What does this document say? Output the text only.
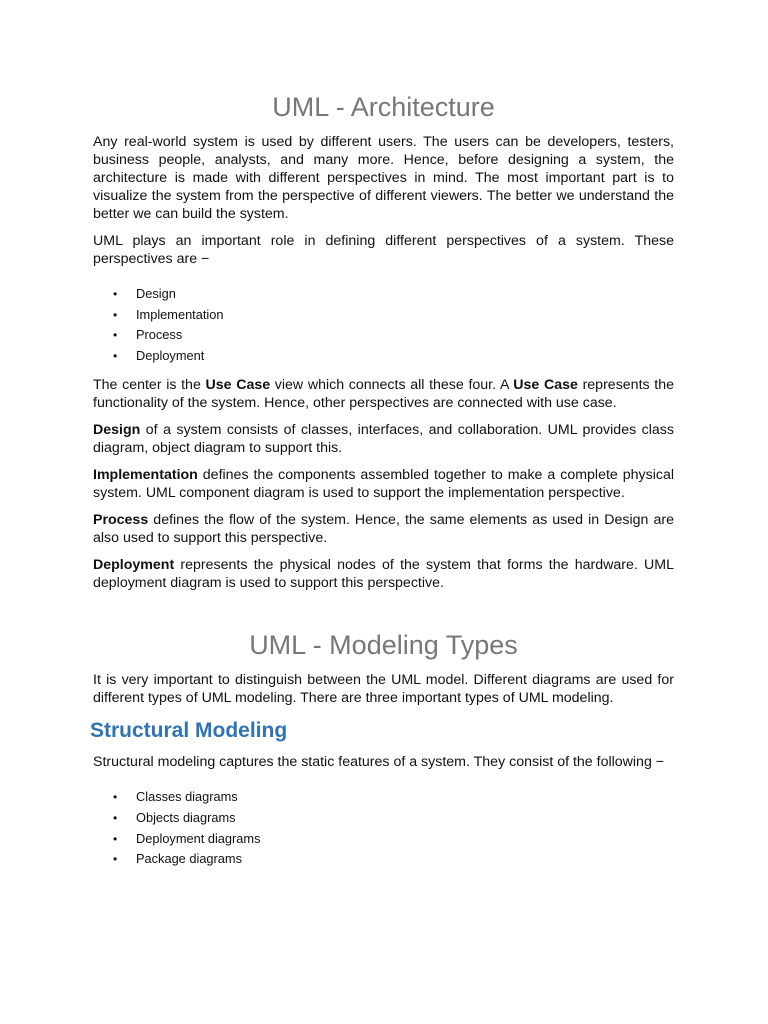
UML - Architecture

Any real-world system is used by different users. The users can be developers, testers, business people, analysts, and many more. Hence, before designing a system, the architecture is made with different perspectives in mind. The most important part is to visualize the system from the perspective of different viewers. The better we understand the better we can build the system.

UML plays an important role in defining different perspectives of a system. These perspectives are −

• Design
• Implementation
• Process
• Deployment

The center is the Use Case view which connects all these four. A Use Case represents the functionality of the system. Hence, other perspectives are connected with use case.

Design of a system consists of classes, interfaces, and collaboration. UML provides class diagram, object diagram to support this.

Implementation defines the components assembled together to make a complete physical system. UML component diagram is used to support the implementation perspective.

Process defines the flow of the system. Hence, the same elements as used in Design are also used to support this perspective.

Deployment represents the physical nodes of the system that forms the hardware. UML deployment diagram is used to support this perspective.

UML - Modeling Types

It is very important to distinguish between the UML model. Different diagrams are used for different types of UML modeling. There are three important types of UML modeling.

Structural Modeling

Structural modeling captures the static features of a system. They consist of the following −

• Classes diagrams
• Objects diagrams
• Deployment diagrams
• Package diagrams
